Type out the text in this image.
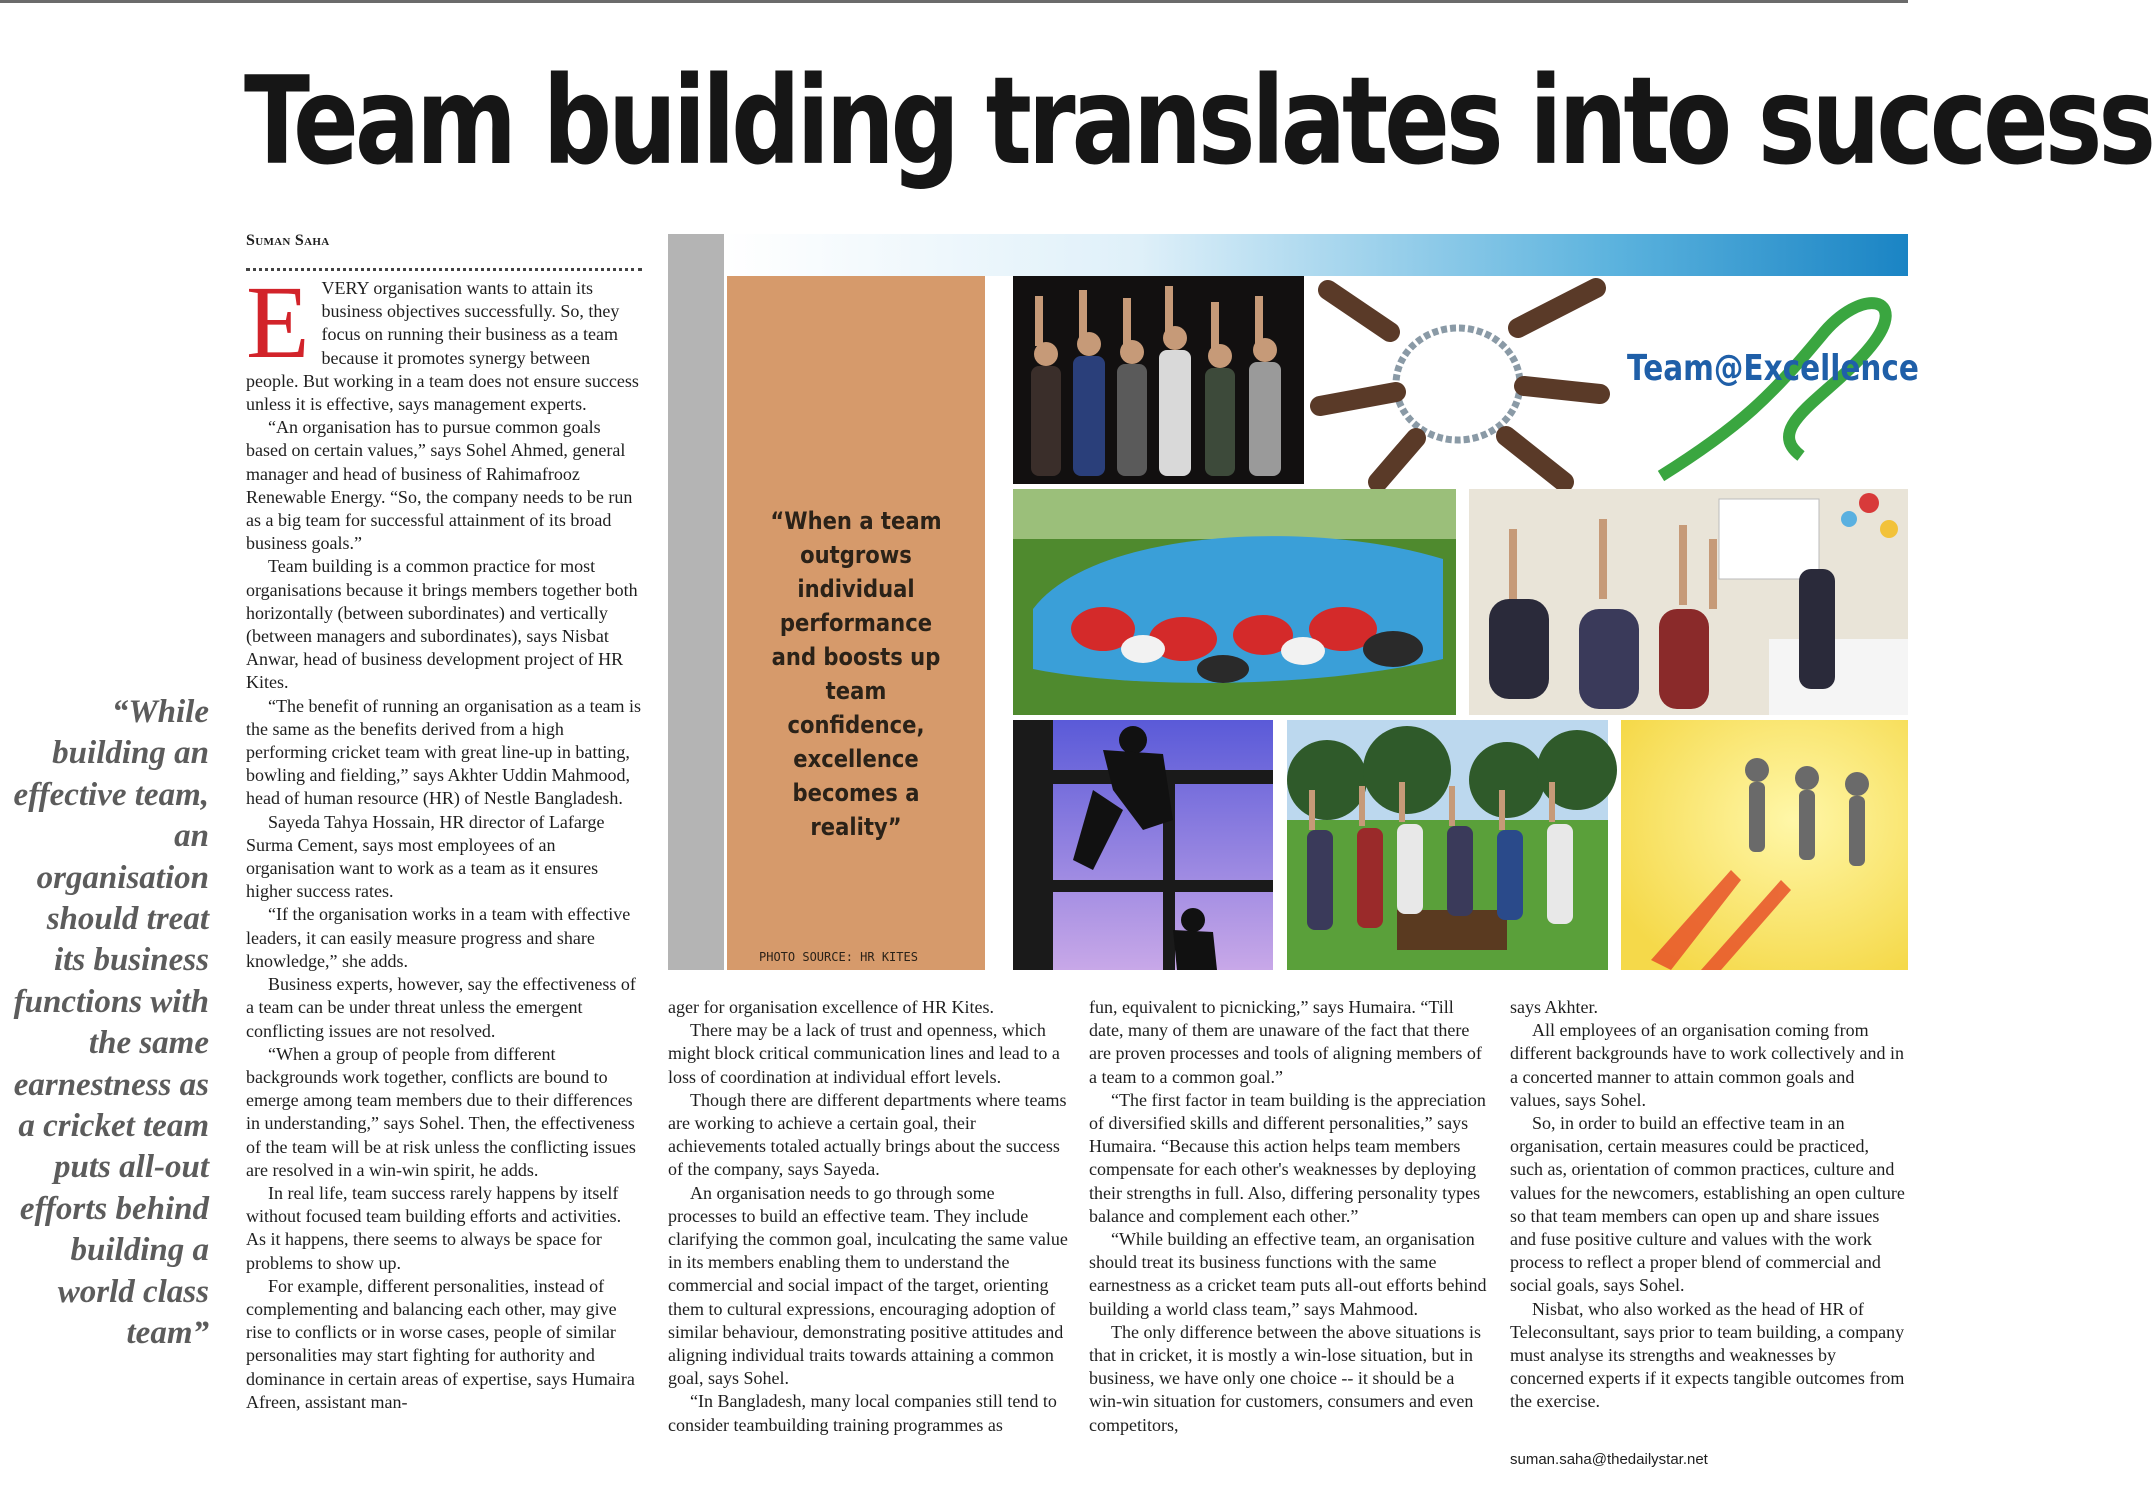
Team building translates into success
Suman Saha

EVERY organisation wants to attain its business objectives successfully. So, they focus on running their business as a team because it promotes synergy between people. But working in a team does not ensure success unless it is effective, says management experts.

“An organisation has to pursue common goals based on certain values,” says Sohel Ahmed, general manager and head of business of Rahimafrooz Renewable Energy. “So, the company needs to be run as a big team for successful attainment of its broad business goals.”

Team building is a common practice for most organisations because it brings members together both horizontally (between subordinates) and vertically (between managers and subordinates), says Nisbat Anwar, head of business development project of HR Kites.

“The benefit of running an organisation as a team is the same as the benefits derived from a high performing cricket team with great line-up in batting, bowling and fielding,” says Akhter Uddin Mahmood, head of human resource (HR) of Nestle Bangladesh.

Sayeda Tahya Hossain, HR director of Lafarge Surma Cement, says most employees of an organisation want to work as a team as it ensures higher success rates.

“If the organisation works in a team with effective leaders, it can easily measure progress and share knowledge,” she adds.

Business experts, however, say the effectiveness of a team can be under threat unless the emergent conflicting issues are not resolved.

“When a group of people from different backgrounds work together, conflicts are bound to emerge among team members due to their differences in understanding,” says Sohel. Then, the effectiveness of the team will be at risk unless the conflicting issues are resolved in a win-win spirit, he adds.

In real life, team success rarely happens by itself without focused team building efforts and activities. As it happens, there seems to always be space for problems to show up.

For example, different personalities, instead of complementing and balancing each other, may give rise to conflicts or in worse cases, people of similar personalities may start fighting for authority and dominance in certain areas of expertise, says Humaira Afreen, assistant man-

“While building an effective team, an organisation should treat its business functions with the same earnestness as a cricket team puts all-out efforts behind building a world class team”
“When a team outgrows individual performance and boosts up team confidence, excellence becomes a reality”
PHOTO SOURCE: HR KITES
Team@Excellence

ager for organisation excellence of HR Kites.

There may be a lack of trust and openness, which might block critical communication lines and lead to a loss of coordination at individual effort levels.

Though there are different departments where teams are working to achieve a certain goal, their achievements totaled actually brings about the success of the company, says Sayeda.

An organisation needs to go through some processes to build an effective team. They include clarifying the common goal, inculcating the same value in its members enabling them to understand the commercial and social impact of the target, orienting them to cultural expressions, encouraging adoption of similar behaviour, demonstrating positive attitudes and aligning individual traits towards attaining a common goal, says Sohel.

“In Bangladesh, many local companies still tend to consider teambuilding training programmes as

fun, equivalent to picnicking,” says Humaira. “Till date, many of them are unaware of the fact that there are proven processes and tools of aligning members of a team to a common goal.”

“The first factor in team building is the appreciation of diversified skills and different personalities,” says Humaira. “Because this action helps team members compensate for each other's weaknesses by deploying their strengths in full. Also, differing personality types balance and complement each other.”

“While building an effective team, an organisation should treat its business functions with the same earnestness as a cricket team puts all-out efforts behind building a world class team,” says Mahmood.

The only difference between the above situations is that in cricket, it is mostly a win-lose situation, but in business, we have only one choice -- it should be a win-win situation for customers, consumers and even competitors,

says Akhter.

All employees of an organisation coming from different backgrounds have to work collectively and in a concerted manner to attain common goals and values, says Sohel.

So, in order to build an effective team in an organisation, certain measures could be practiced, such as, orientation of common practices, culture and values for the newcomers, establishing an open culture so that team members can open up and share issues and fuse positive culture and values with the work process to reflect a proper blend of commercial and social goals, says Sohel.

Nisbat, who also worked as the head of HR of Teleconsultant, says prior to team building, a company must analyse its strengths and weaknesses by concerned experts if it expects tangible outcomes from the exercise.

suman.saha@thedailystar.net
